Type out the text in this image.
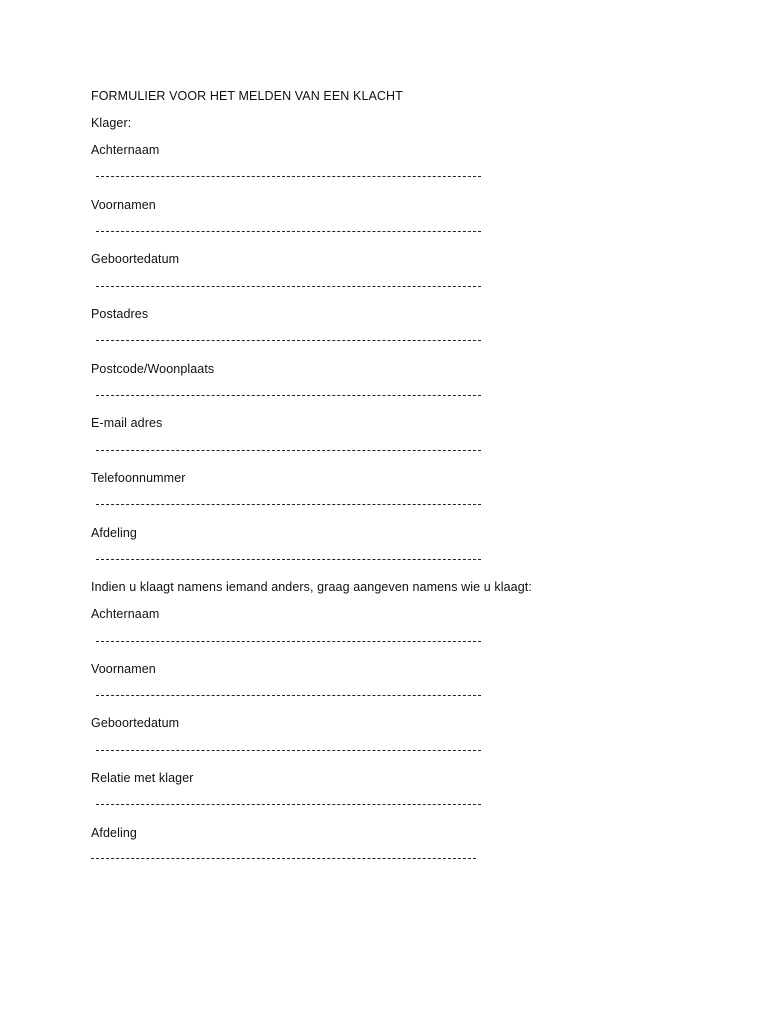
FORMULIER VOOR HET MELDEN VAN EEN KLACHT
Klager:
Achternaam
Voornamen
Geboortedatum
Postadres
Postcode/Woonplaats
E-mail adres
Telefoonnummer
Afdeling
Indien u klaagt namens iemand anders, graag aangeven namens wie u klaagt:
Achternaam
Voornamen
Geboortedatum
Relatie met klager
Afdeling
